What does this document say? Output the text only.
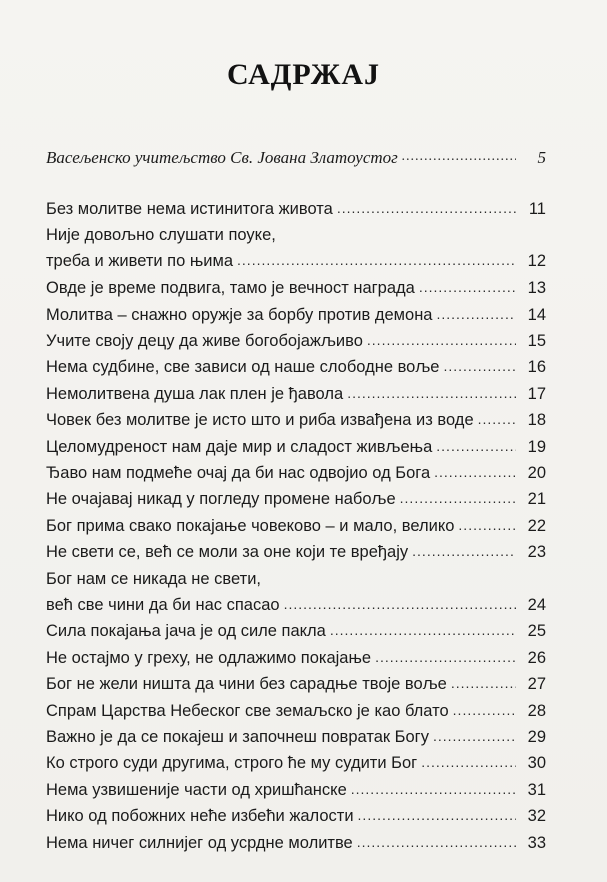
САДРЖАЈ
Васељенско учитељство Св. Јована Златоустог .....	5
Без молитве нема истинитога живота .....	11
Није довољно слушати поуке,
треба и живети по њима .....	12
Овде је време подвига, тамо је вечност награда .....	13
Молитва – снажно оружје за борбу против демона .....	14
Учите своју децу да живе богобојажљиво .....	15
Нема судбине, све зависи од наше слободне воље .....	16
Немолитвена душа лак плен је ђавола .....	17
Човек без молитве је исто што и риба извађена из воде .....	18
Целомудреност нам даје мир и сладост живљења .....	19
Ђаво нам подмеће очај да би нас одвојио од Бога .....	20
Не очајавај никад у погледу промене набоље .....	21
Бог прима свако покајање човеково – и мало, велико .....	22
Не свети се, већ се моли за оне који те вређају .....	23
Бог нам се никада не свети,
већ све чини да би нас спасао .....	24
Сила покајања јача је од силе пакла .....	25
Не остајмо у греху, не одлажимо покајање .....	26
Бог не жели ништа да чини без сарадње твоје воље .....	27
Спрам Царства Небеског све земаљско је као блато .....	28
Важно је да се покајеш и започнеш повратак Богу .....	29
Ко строго суди другима, строго ће му судити Бог .....	30
Нема узвишеније части од хришћанске .....	31
Нико од побожних неће избећи жалости .....	32
Нема ничег силнијег од усрдне молитве .....	33
